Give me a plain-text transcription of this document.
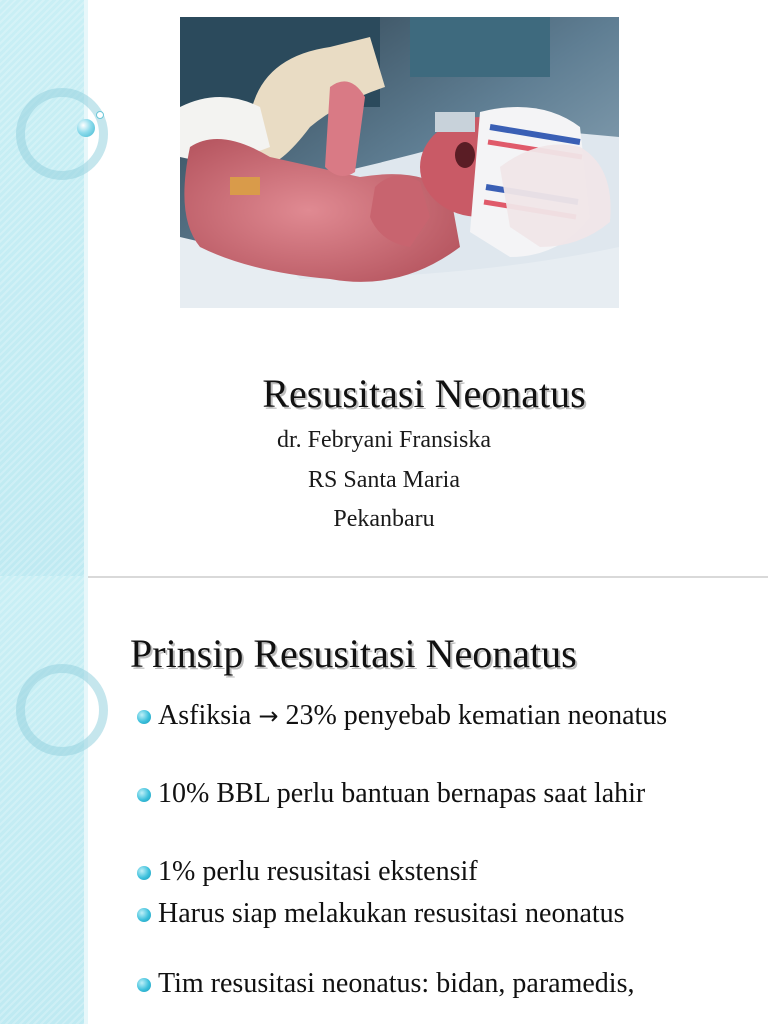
Resusitasi Neonatus
dr. Febryani Fransiska
RS Santa Maria
Pekanbaru
Prinsip Resusitasi Neonatus
Asfiksia → 23% penyebab kematian neonatus
10% BBL perlu bantuan bernapas saat lahir
1% perlu resusitasi ekstensif
Harus siap melakukan resusitasi neonatus
Tim resusitasi neonatus: bidan, paramedis,
